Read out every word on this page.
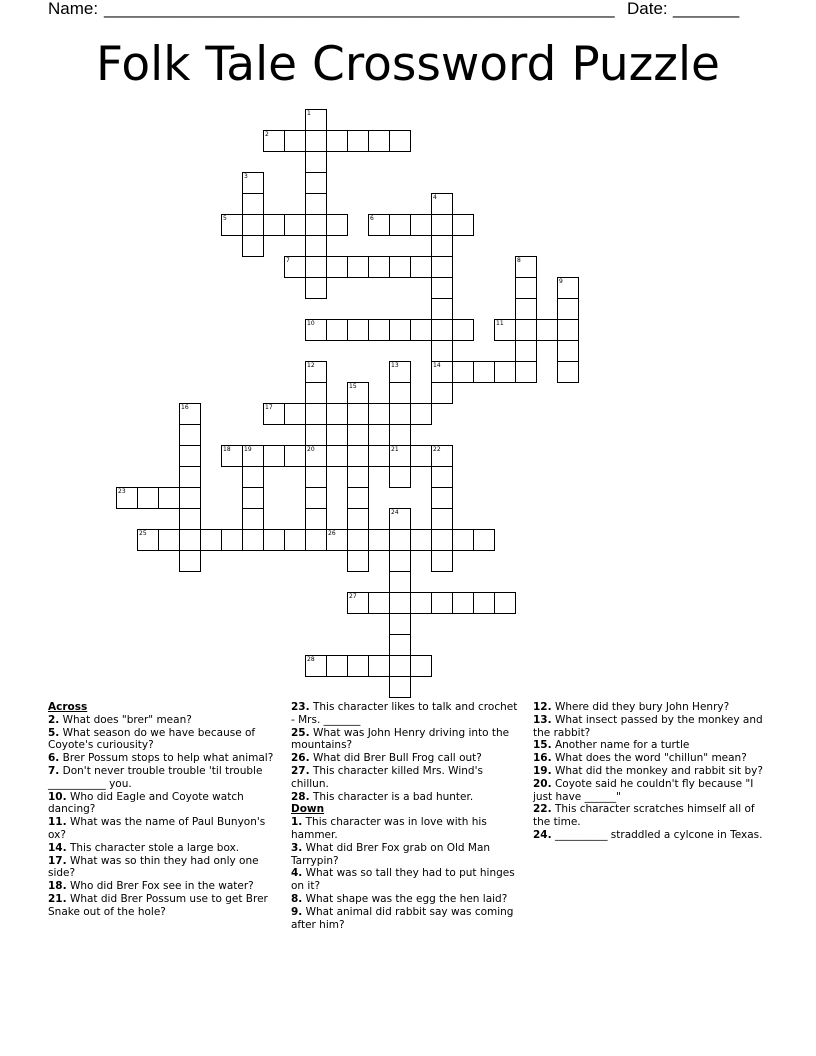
Name: ______________________________________________________ Date: _______
Folk Tale Crossword Puzzle
1
2
3
4
5	6
7	8
9
10	11
12	13	14
15
16	17
18 19	20	21	22
23
24
25	26
27
28

Across

2. What does "brer" mean?

5. What season do we have because of Coyote's curiousity?

6. Brer Possum stops to help what animal?

7. Don't never trouble trouble 'til trouble ___________ you.

10. Who did Eagle and Coyote watch dancing?

11. What was the name of Paul Bunyon's ox?

14. This character stole a large box.

17. What was so thin they had only one side?

18. Who did Brer Fox see in the water?

21. What did Brer Possum use to get Brer Snake out of the hole?

23. This character likes to talk and crochet - Mrs. _______

25. What was John Henry driving into the mountains?

26. What did Brer Bull Frog call out?

27. This character killed Mrs. Wind's chillun.

28. This character is a bad hunter.

Down

1. This character was in love with his hammer.

3. What did Brer Fox grab on Old Man Tarrypin?

4. What was so tall they had to put hinges on it?

8. What shape was the egg the hen laid?

9. What animal did rabbit say was coming after him?

12. Where did they bury John Henry?

13. What insect passed by the monkey and the rabbit?

15. Another name for a turtle

16. What does the word "chillun" mean?

19. What did the monkey and rabbit sit by?

20. Coyote said he couldn't fly because "I just have ______"

22. This character scratches himself all of the time.

24. __________ straddled a cylcone in Texas.
